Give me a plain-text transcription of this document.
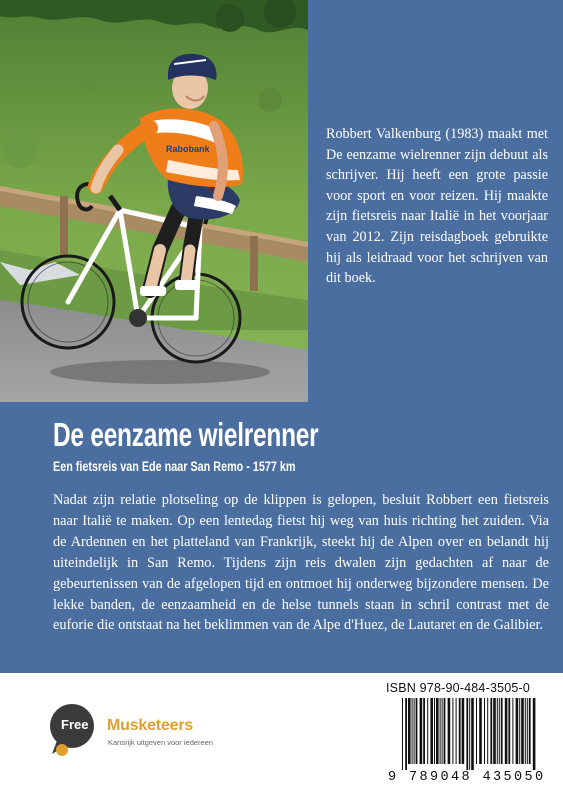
Rabobank

Robbert Valkenburg (1983) maakt met De eenzame wielrenner zijn debuut als schrijver. Hij heeft een grote passie voor sport en voor reizen. Hij maakte zijn fietsreis naar Italië in het voorjaar van 2012. Zijn reisdagboek gebruikte hij als leidraad voor het schrijven van dit boek.

De eenzame wielrenner

Een fietsreis van Ede naar San Remo - 1577 km

Nadat zijn relatie plotseling op de klippen is gelopen, besluit Robbert een fietsreis naar Italië te maken. Op een lentedag fietst hij weg van huis richting het zuiden. Via de Ardennen en het platteland van Frankrijk, steekt hij de Alpen over en belandt hij uiteindelijk in San Remo. Tijdens zijn reis dwalen zijn gedachten af naar de gebeurtenissen van de afgelopen tijd en ontmoet hij onderweg bijzondere mensen. De lekke banden, de eenzaamheid en de helse tunnels staan in schril contrast met de euforie die ontstaat na het beklimmen van de Alpe d'Huez, de Lautaret en de Galibier.

Free Musketeers
Kansrijk uitgeven voor iedereen

ISBN 978-90-484-3505-0

9 789048 435050
